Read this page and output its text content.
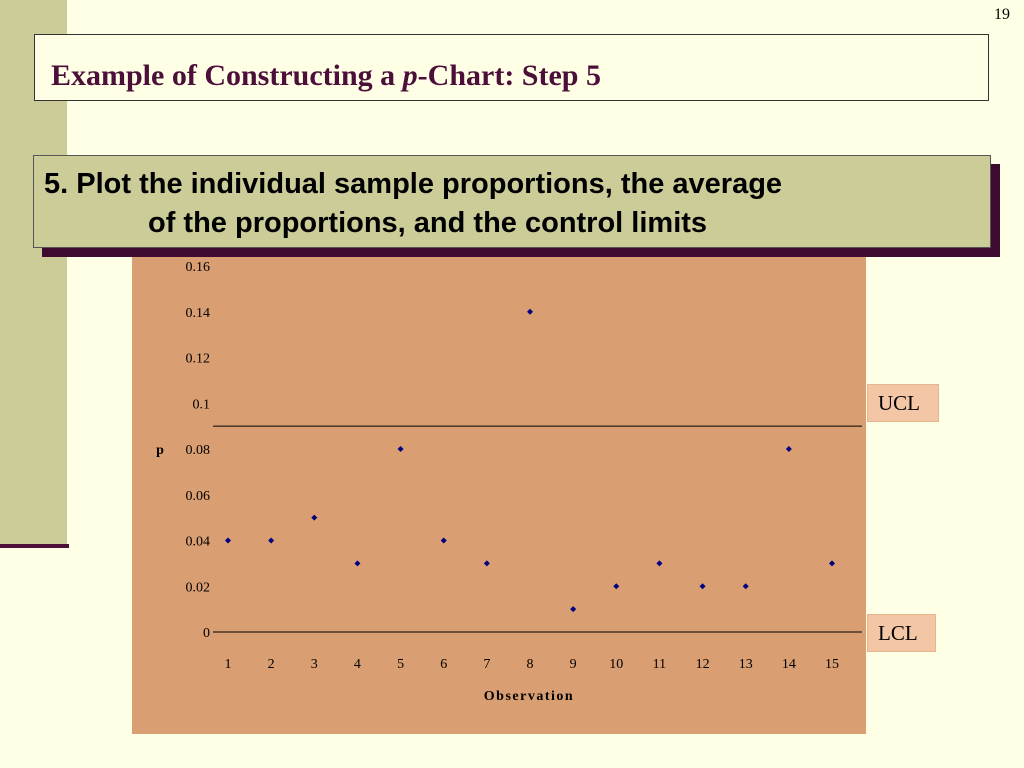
19
Example of Constructing a p-Chart: Step 5
0
0.02
0.04
0.06
0.08
0.1
0.12
0.14
0.16
1	2	3	4	5	6	7	8	9 10 11 12 13 14 15
p
Observation
UCL
LCL
5. Plot the individual sample proportions, the average
of the proportions, and the control limits
